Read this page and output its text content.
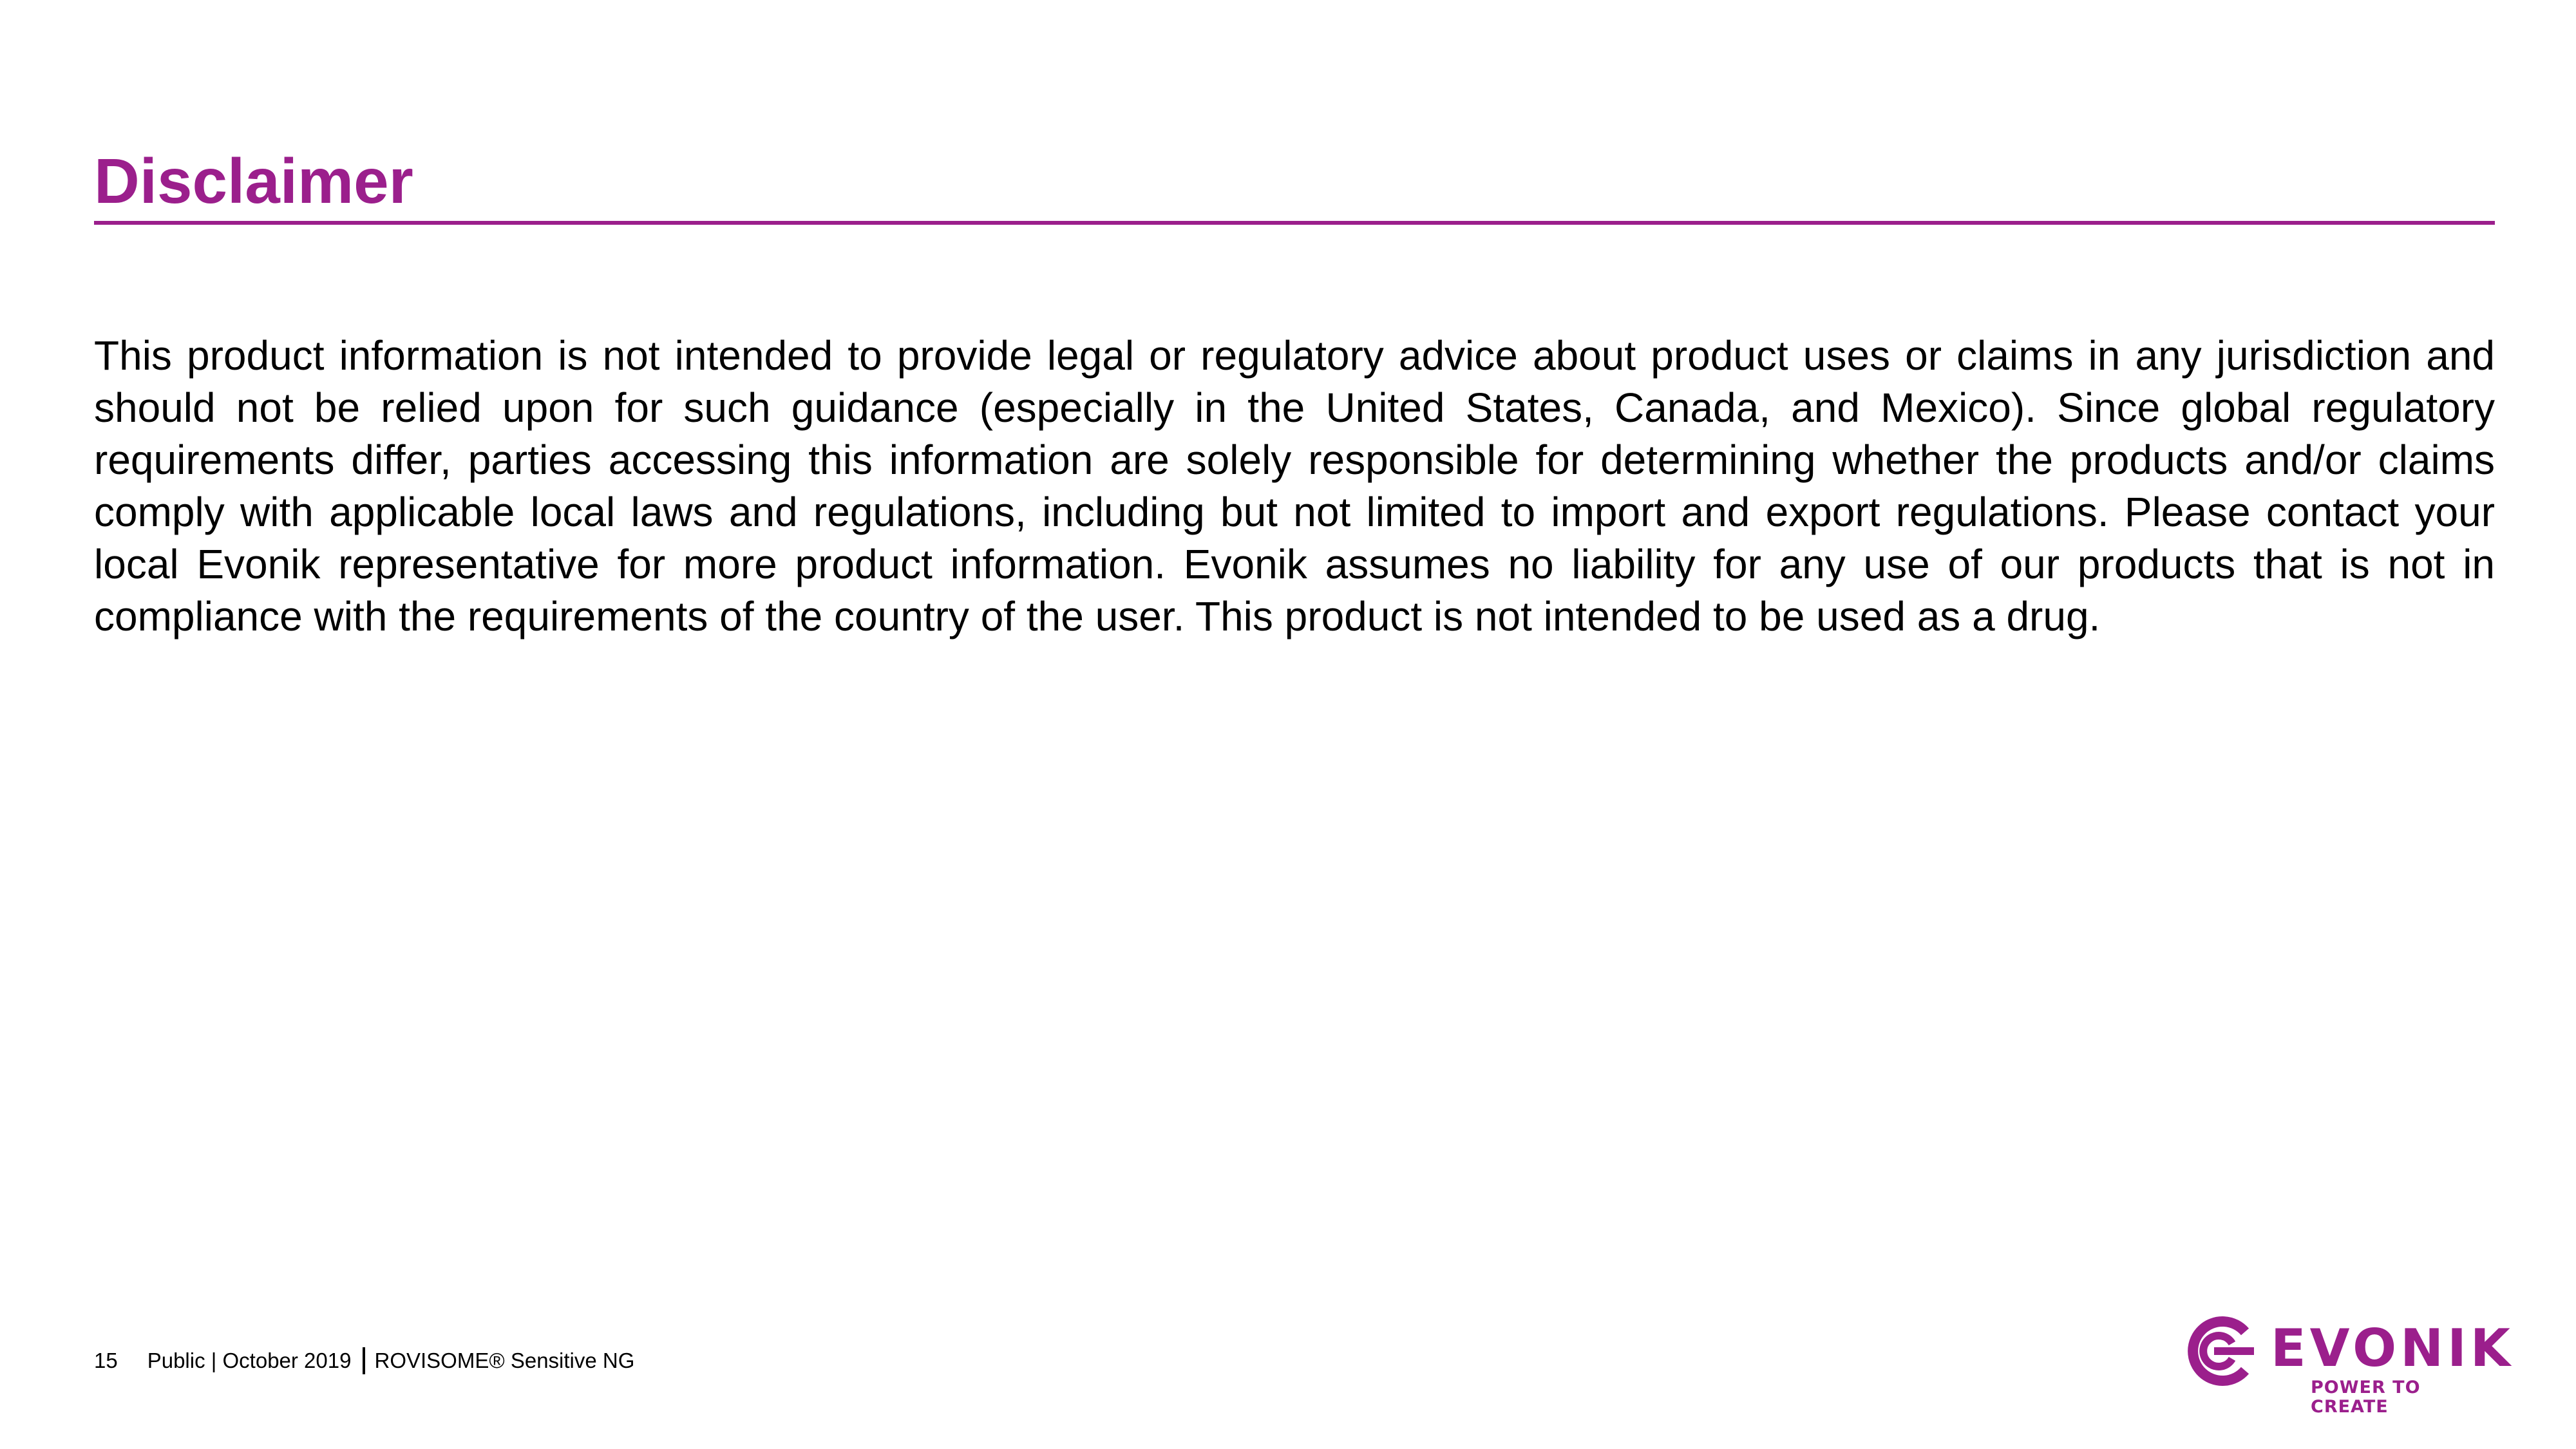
Disclaimer

This product information is not intended to provide legal or regulatory advice about product uses or claims in any jurisdiction and should not be relied upon for such guidance (especially in the United States, Canada, and Mexico). Since global regulatory requirements differ, parties accessing this information are solely responsible for determining whether the products and/or claims comply with applicable local laws and regulations, including but not limited to import and export regulations. Please contact your local Evonik representative for more product information. Evonik assumes no liability for any use of our products that is not in compliance with the requirements of the country of the user. This product is not intended to be used as a drug.

15 Public | October 2019 ROVISOME® Sensitive NG	EVONIK
POWER TO CREATE
